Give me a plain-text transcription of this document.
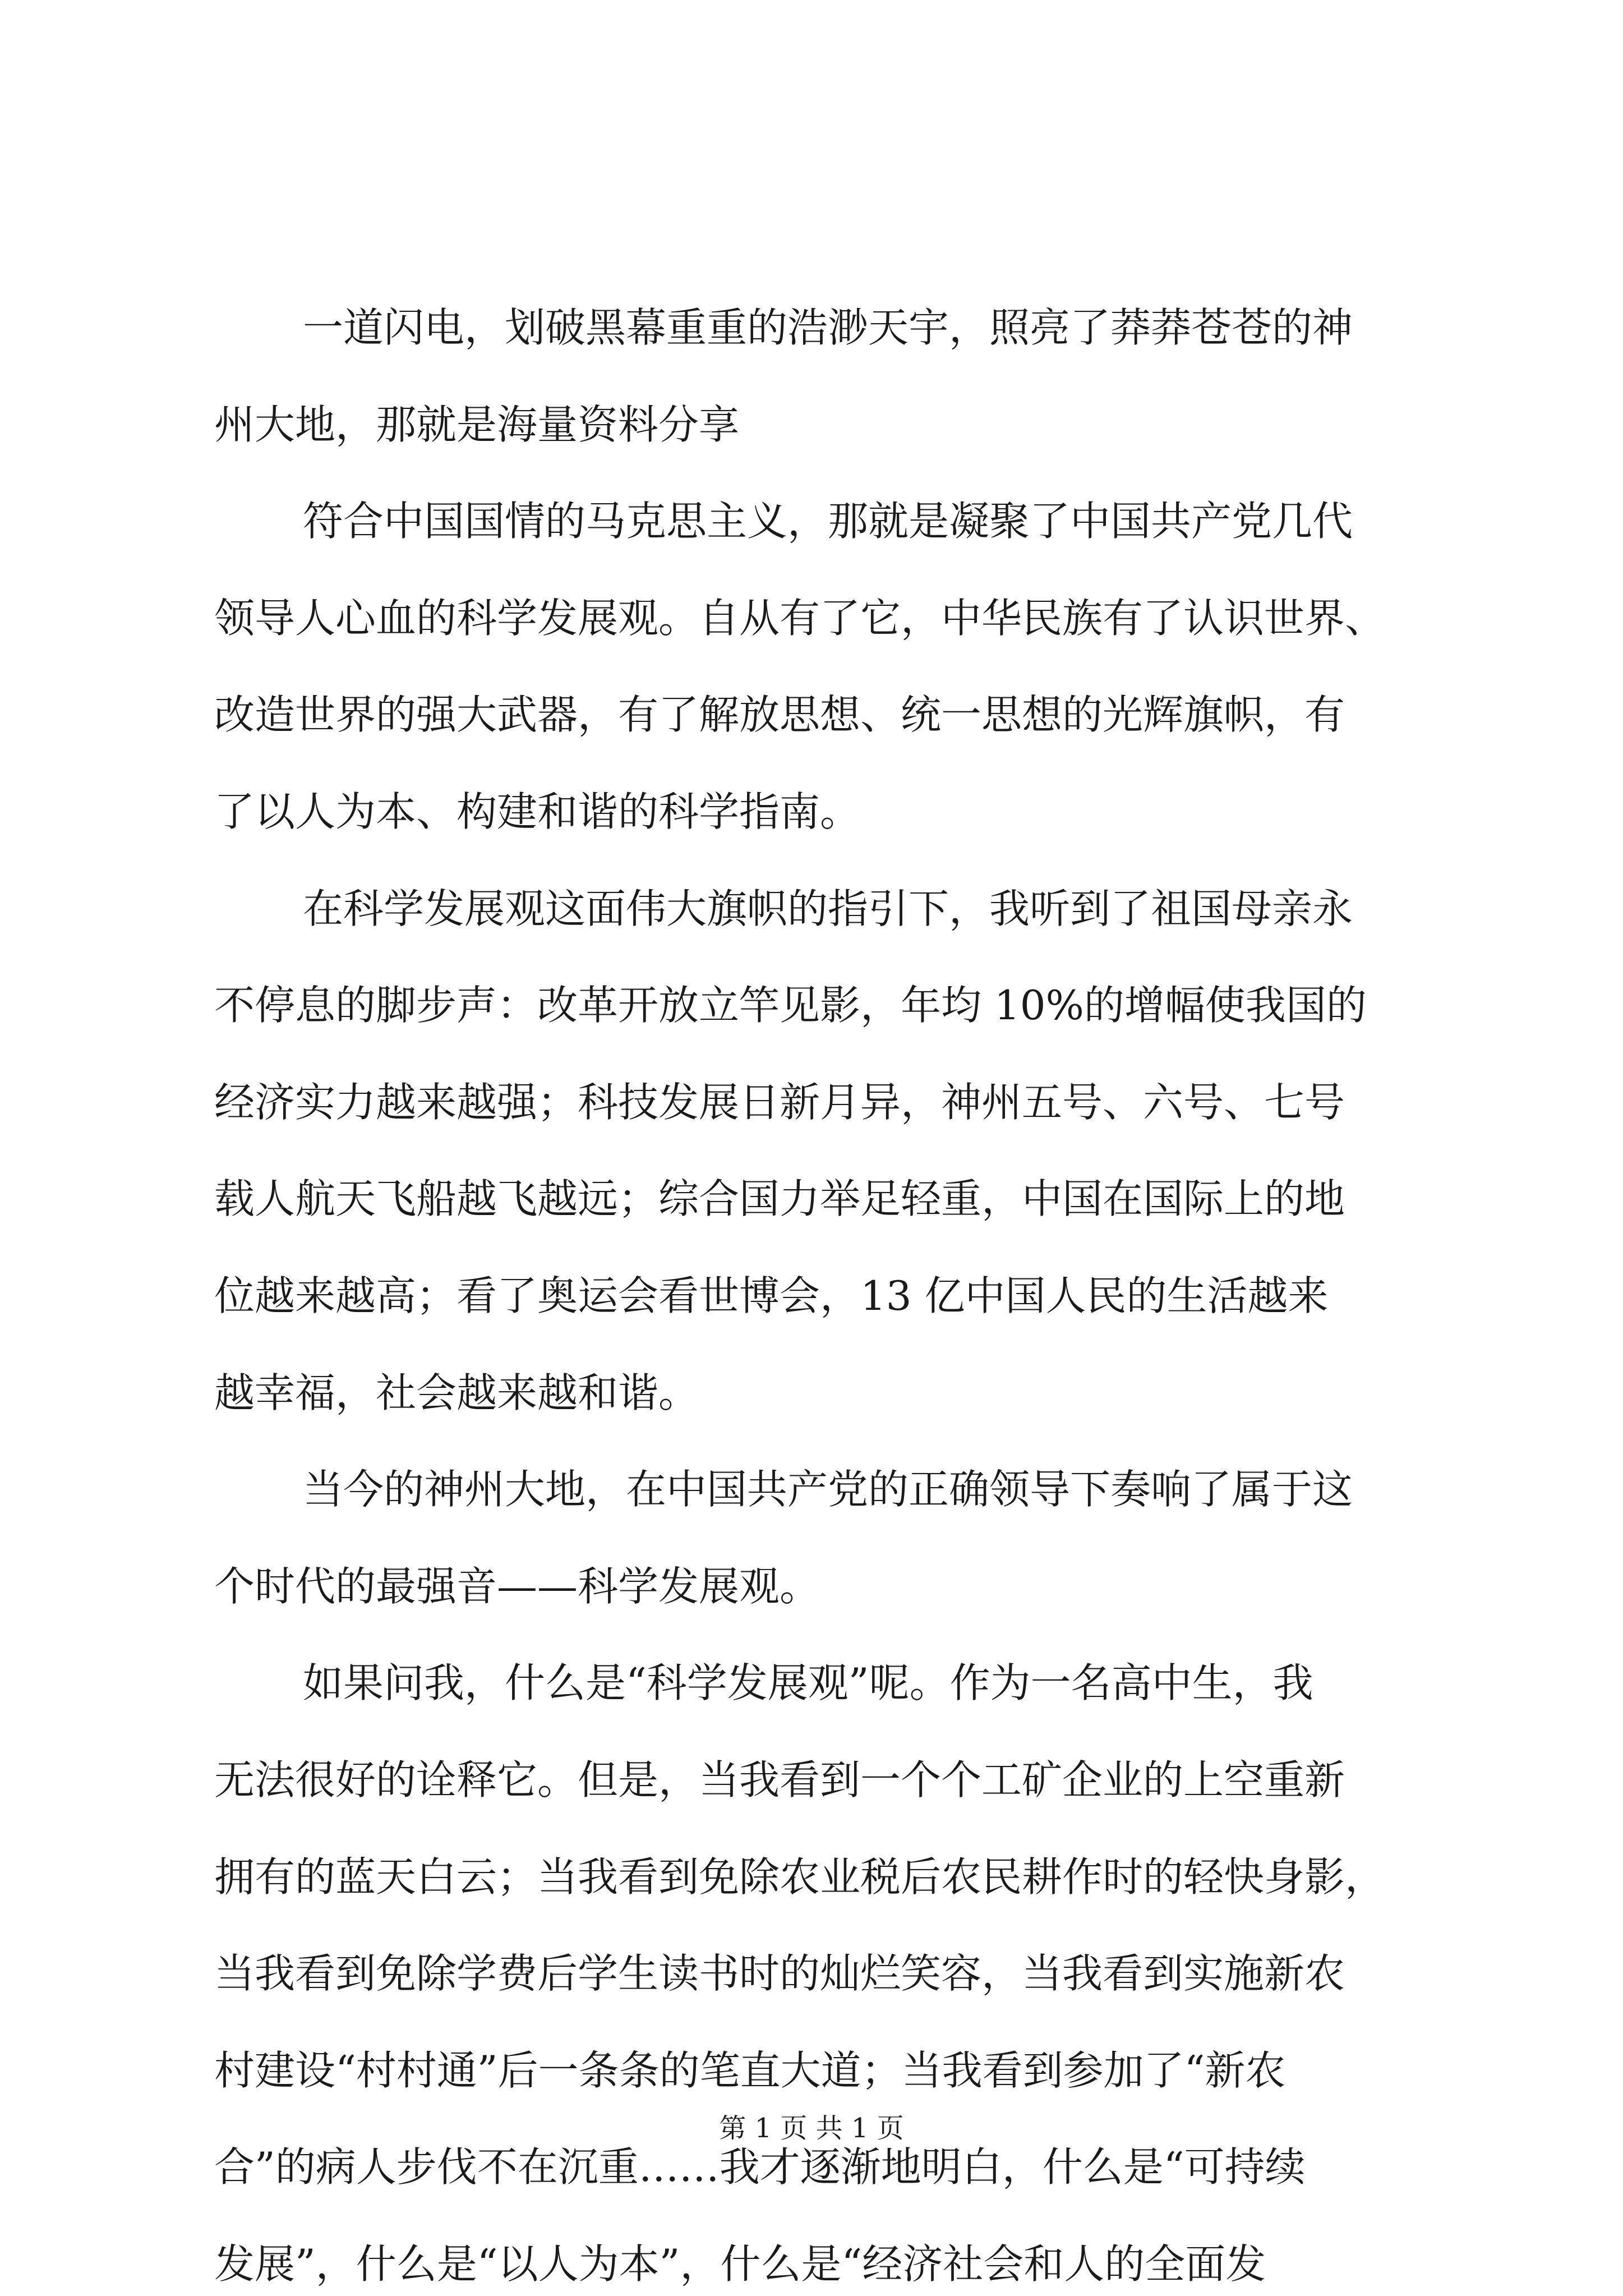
一道闪电，划破黑幕重重的浩渺天宇，照亮了莽莽苍苍的神

州大地，那就是海量资料分享

符合中国国情的马克思主义，那就是凝聚了中国共产党几代

领导人心血的科学发展观。自从有了它，中华民族有了认识世界、

改造世界的强大武器，有了解放思想、统一思想的光辉旗帜，有

了以人为本、构建和谐的科学指南。

在科学发展观这面伟大旗帜的指引下，我听到了祖国母亲永

不停息的脚步声：改革开放立竿见影，年均 10%的增幅使我国的

经济实力越来越强；科技发展日新月异，神州五号、六号、七号

载人航天飞船越飞越远；综合国力举足轻重，中国在国际上的地

位越来越高；看了奥运会看世博会，13 亿中国人民的生活越来

越幸福，社会越来越和谐。

当今的神州大地，在中国共产党的正确领导下奏响了属于这

个时代的最强音——科学发展观。

如果问我，什么是“科学发展观”呢。作为一名高中生，我

无法很好的诠释它。但是，当我看到一个个工矿企业的上空重新

拥有的蓝天白云；当我看到免除农业税后农民耕作时的轻快身影，

当我看到免除学费后学生读书时的灿烂笑容，当我看到实施新农

村建设“村村通”后一条条的笔直大道；当我看到参加了“新农

合”的病人步伐不在沉重……我才逐渐地明白，什么是“可持续

发展”，什么是“以人为本”，什么是“经济社会和人的全面发

第 1 页 共 1 页
